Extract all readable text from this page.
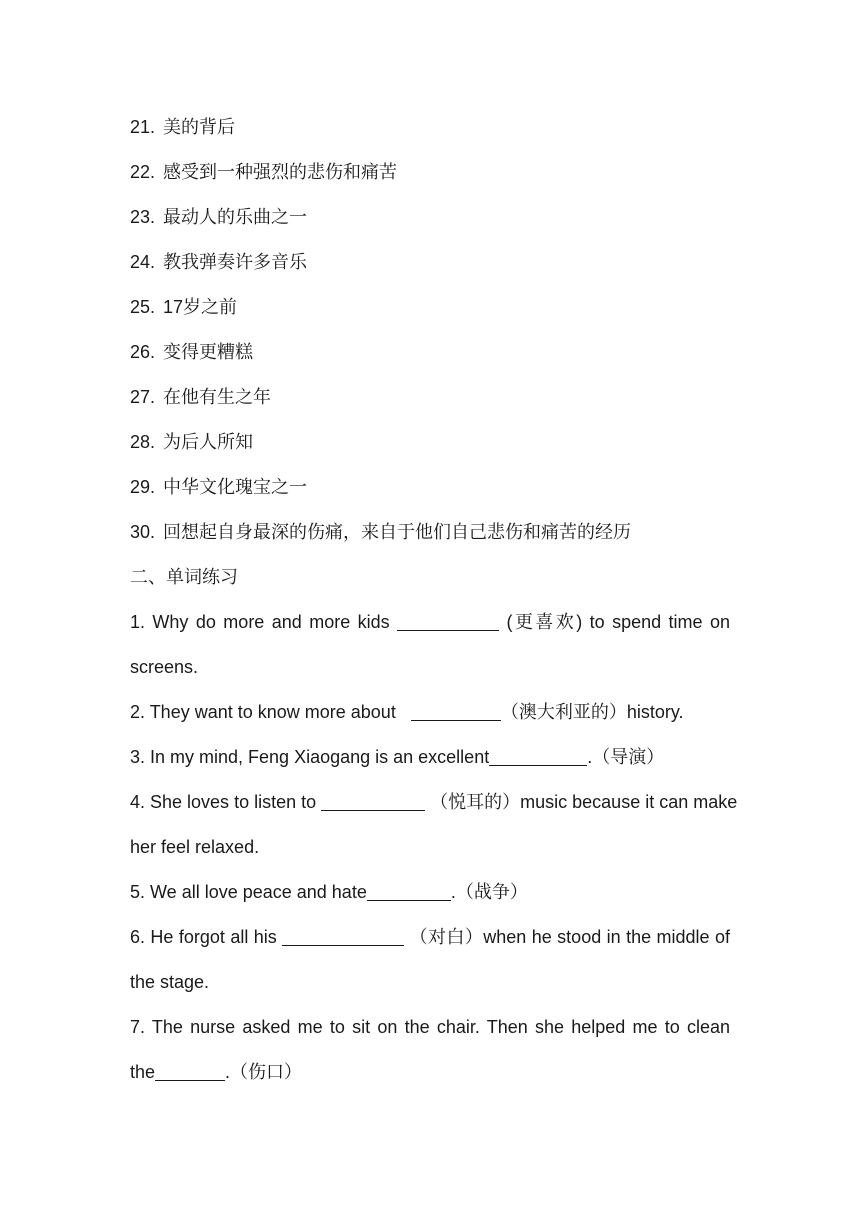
21. 美的背后
22. 感受到一种强烈的悲伤和痛苦
23. 最动人的乐曲之一
24. 教我弹奏许多音乐
25. 17岁之前
26. 变得更糟糕
27. 在他有生之年
28. 为后人所知
29. 中华文化瑰宝之一
30. 回想起自身最深的伤痛，来自于他们自己悲伤和痛苦的经历
二、单词练习
1. Why do more and more kids	(更喜欢) to spend time on
screens.
2. They want to know more about	（澳大利亚的）history.
3. In my mind, Feng Xiaogang is an excellent	.（导演）
4. She loves to listen to	（悦耳的）music because it can make
her feel relaxed.
5. We all love peace and hate	.（战争）
6. He forgot all his	（对白）when he stood in the middle of
the stage.
7. The nurse asked me to sit on the chair. Then she helped me to clean
the	.（伤口）
